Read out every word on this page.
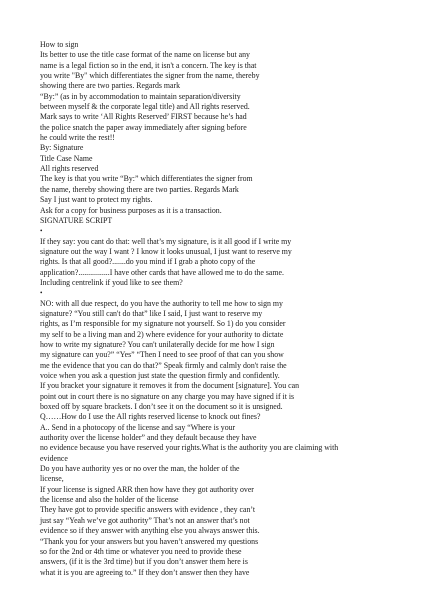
How to sign
Its better to use the title case format of the name on license but any
name is a legal fiction so in the end, it isn't a concern. The key is that
you write "By" which differentiates the signer from the name, thereby
showing there are two parties. Regards mark
“By:” (as in by accommodation to maintain separation/diversity
between myself & the corporate legal title) and All rights reserved.
Mark says to write ‘All Rights Reserved’ FIRST because he’s had
the police snatch the paper away immediately after signing before
he could write the rest!!
By: Signature
Title Case Name
All rights reserved
The key is that you write “By:” which differentiates the signer from
the name, thereby showing there are two parties. Regards Mark
Say I just want to protect my rights.
Ask for a copy for business purposes as it is a transaction.
SIGNATURE SCRIPT
•
If they say: you cant do that: well that’s my signature, is it all good if I write my
signature out the way I want ? I know it looks unusual, I just want to reserve my
rights. Is that all good?.......do you mind if I grab a photo copy of the
application?................I have other cards that have allowed me to do the same.
Including centrelink if youd like to see them?
•
NO: with all due respect, do you have the authority to tell me how to sign my
signature? “You still can't do that” like I said, I just want to reserve my
rights, as I’m responsible for my signature not yourself. So 1) do you consider
my self to be a living man and 2) where evidence for your authority to dictate
how to write my signature? You can't unilaterally decide for me how I sign
my signature can you?” “Yes” “Then I need to see proof of that can you show
me the evidence that you can do that?” Speak firmly and calmly don't raise the
voice when you ask a question just state the question firmly and confidently.
If you bracket your signature it removes it from the document [signature]. You can
point out in court there is no signature on any charge you may have signed if it is
boxed off by square brackets. I don’t see it on the document so it is unsigned.
Q……How do I use the All rights reserved license to knock out fines?
A.. Send in a photocopy of the license and say “Where is your
authority over the license holder” and they default because they have
no evidence because you have reserved your rights.What is the authority you are claiming with
evidence
Do you have authority yes or no over the man, the holder of the
license,
If your license is signed ARR then how have they got authority over
the license and also the holder of the license
They have got to provide specific answers with evidence , they can’t
just say “Yeah we’ve got authority” That’s not an answer that’s not
evidence so if they answer with anything else you always answer this.
“Thank you for your answers but you haven’t answered my questions
so for the 2nd or 4th time or whatever you need to provide these
answers, (if it is the 3rd time) but if you don’t answer them here is
what it is you are agreeing to.” If they don’t answer then they have
